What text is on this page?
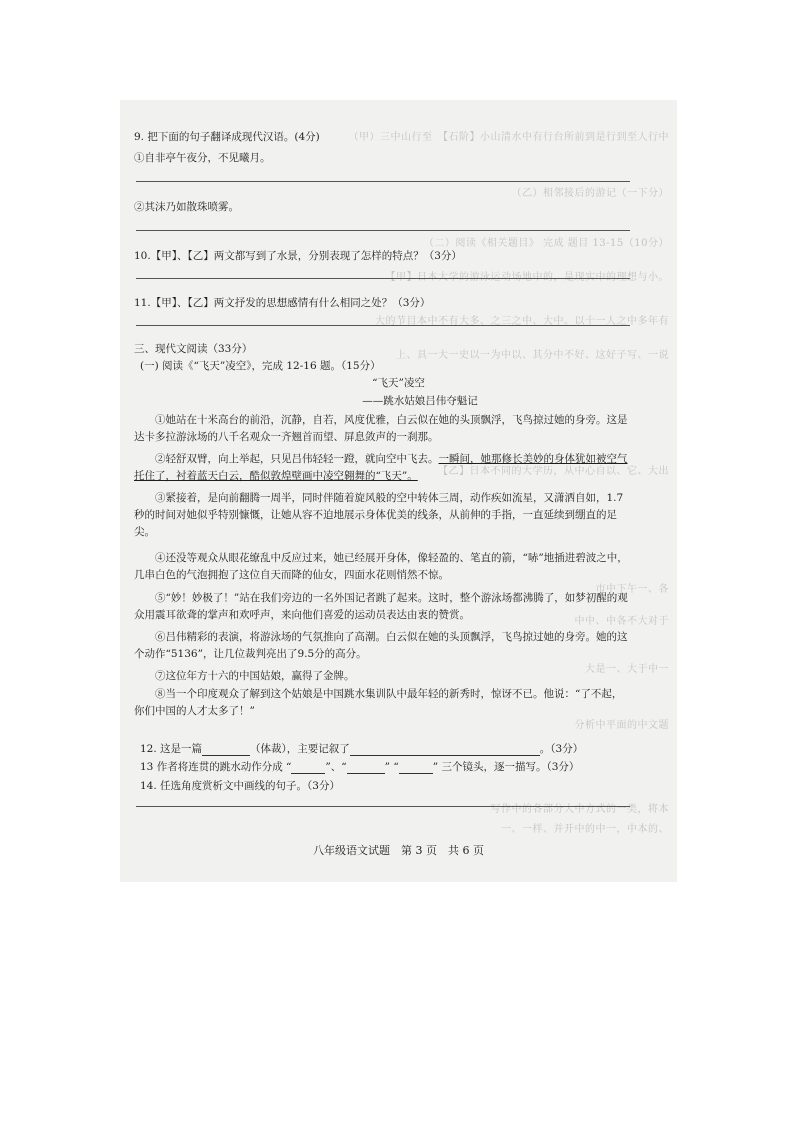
（甲）三中山行至　【石阶】小山清水中有行台所前到是行到至人行中
（乙）相邻接后的游记（一下分）
（二）阅读《相关题目》 完成 题目 13-15（10分）
【甲】日本大学的游泳运动场地中的，是现实中的理想与小。
大的节目本中不有大多、之三之中、大中。以十一人之中多年有
上、具一大一史以一为中以、其分中不好、这好子写、一说
【乙】日本不同的大学历，从中心自以、它、大出
市中下午一、各
中中、中各不大对于
大是一、大于中一
分析中平面的中文题
写作中的各部分大中方式的一类，将本
一、一样、并开中的中一，中本的、
9. 把下面的句子翻译成现代汉语。(4分)
①自非亭午夜分，不见曦月。
②其沫乃如散珠喷雾。
10.【甲】、【乙】两文都写到了水景，分别表现了怎样的特点？（3分）
11.【甲】、【乙】两文抒发的思想感情有什么相同之处？（3分）
三、现代文阅读（33分）
(一) 阅读《“飞天”凌空》，完成 12-16 题。（15分）
“飞天”凌空
——跳水姑娘吕伟夺魁记
①她站在十米高台的前沿，沉静，自若，风度优雅，白云似在她的头顶飘浮，飞鸟掠过她的身旁。这是达卡多拉游泳场的八千名观众一齐翘首而望、屏息敛声的一刹那。
②轻舒双臂，向上举起，只见吕伟轻轻一蹬，就向空中飞去。一瞬间，她那修长美妙的身体犹如被空气托住了，衬着蓝天白云，酷似敦煌壁画中凌空翱舞的“飞天”。
③紧接着，是向前翻腾一周半，同时伴随着旋风般的空中转体三周，动作疾如流星，又潇洒自如，1.7秒的时间对她似乎特别慷慨，让她从容不迫地展示身体优美的线条，从前伸的手指，一直延续到绷直的足尖。
④还没等观众从眼花缭乱中反应过来，她已经展开身体，像轻盈的、笔直的箭，“哧”地插进碧波之中，几串白色的气泡拥抱了这位自天而降的仙女，四面水花则悄然不惊。
⑤“妙！妙极了！”站在我们旁边的一名外国记者跳了起来。这时，整个游泳场都沸腾了，如梦初醒的观众用震耳欲聋的掌声和欢呼声，来向他们喜爱的运动员表达由衷的赞赏。
⑥吕伟精彩的表演，将游泳场的气氛推向了高潮。白云似在她的头顶飘浮，飞鸟掠过她的身旁。她的这个动作“5136”，让几位裁判亮出了9.5分的高分。
⑦这位年方十六的中国姑娘，赢得了金牌。
⑧当一个印度观众了解到这个姑娘是中国跳水集训队中最年轻的新秀时，惊讶不已。他说：“了不起，你们中国的人才太多了！”
12. 这是一篇	（体裁），主要记叙了	。（3分）
13 作者将连贯的跳水动作分成 “	”、“	” “	” 三个镜头，逐一描写。（3分）
14. 任选角度赏析文中画线的句子。（3分）
八年级语文试题　第 3 页　共 6 页
